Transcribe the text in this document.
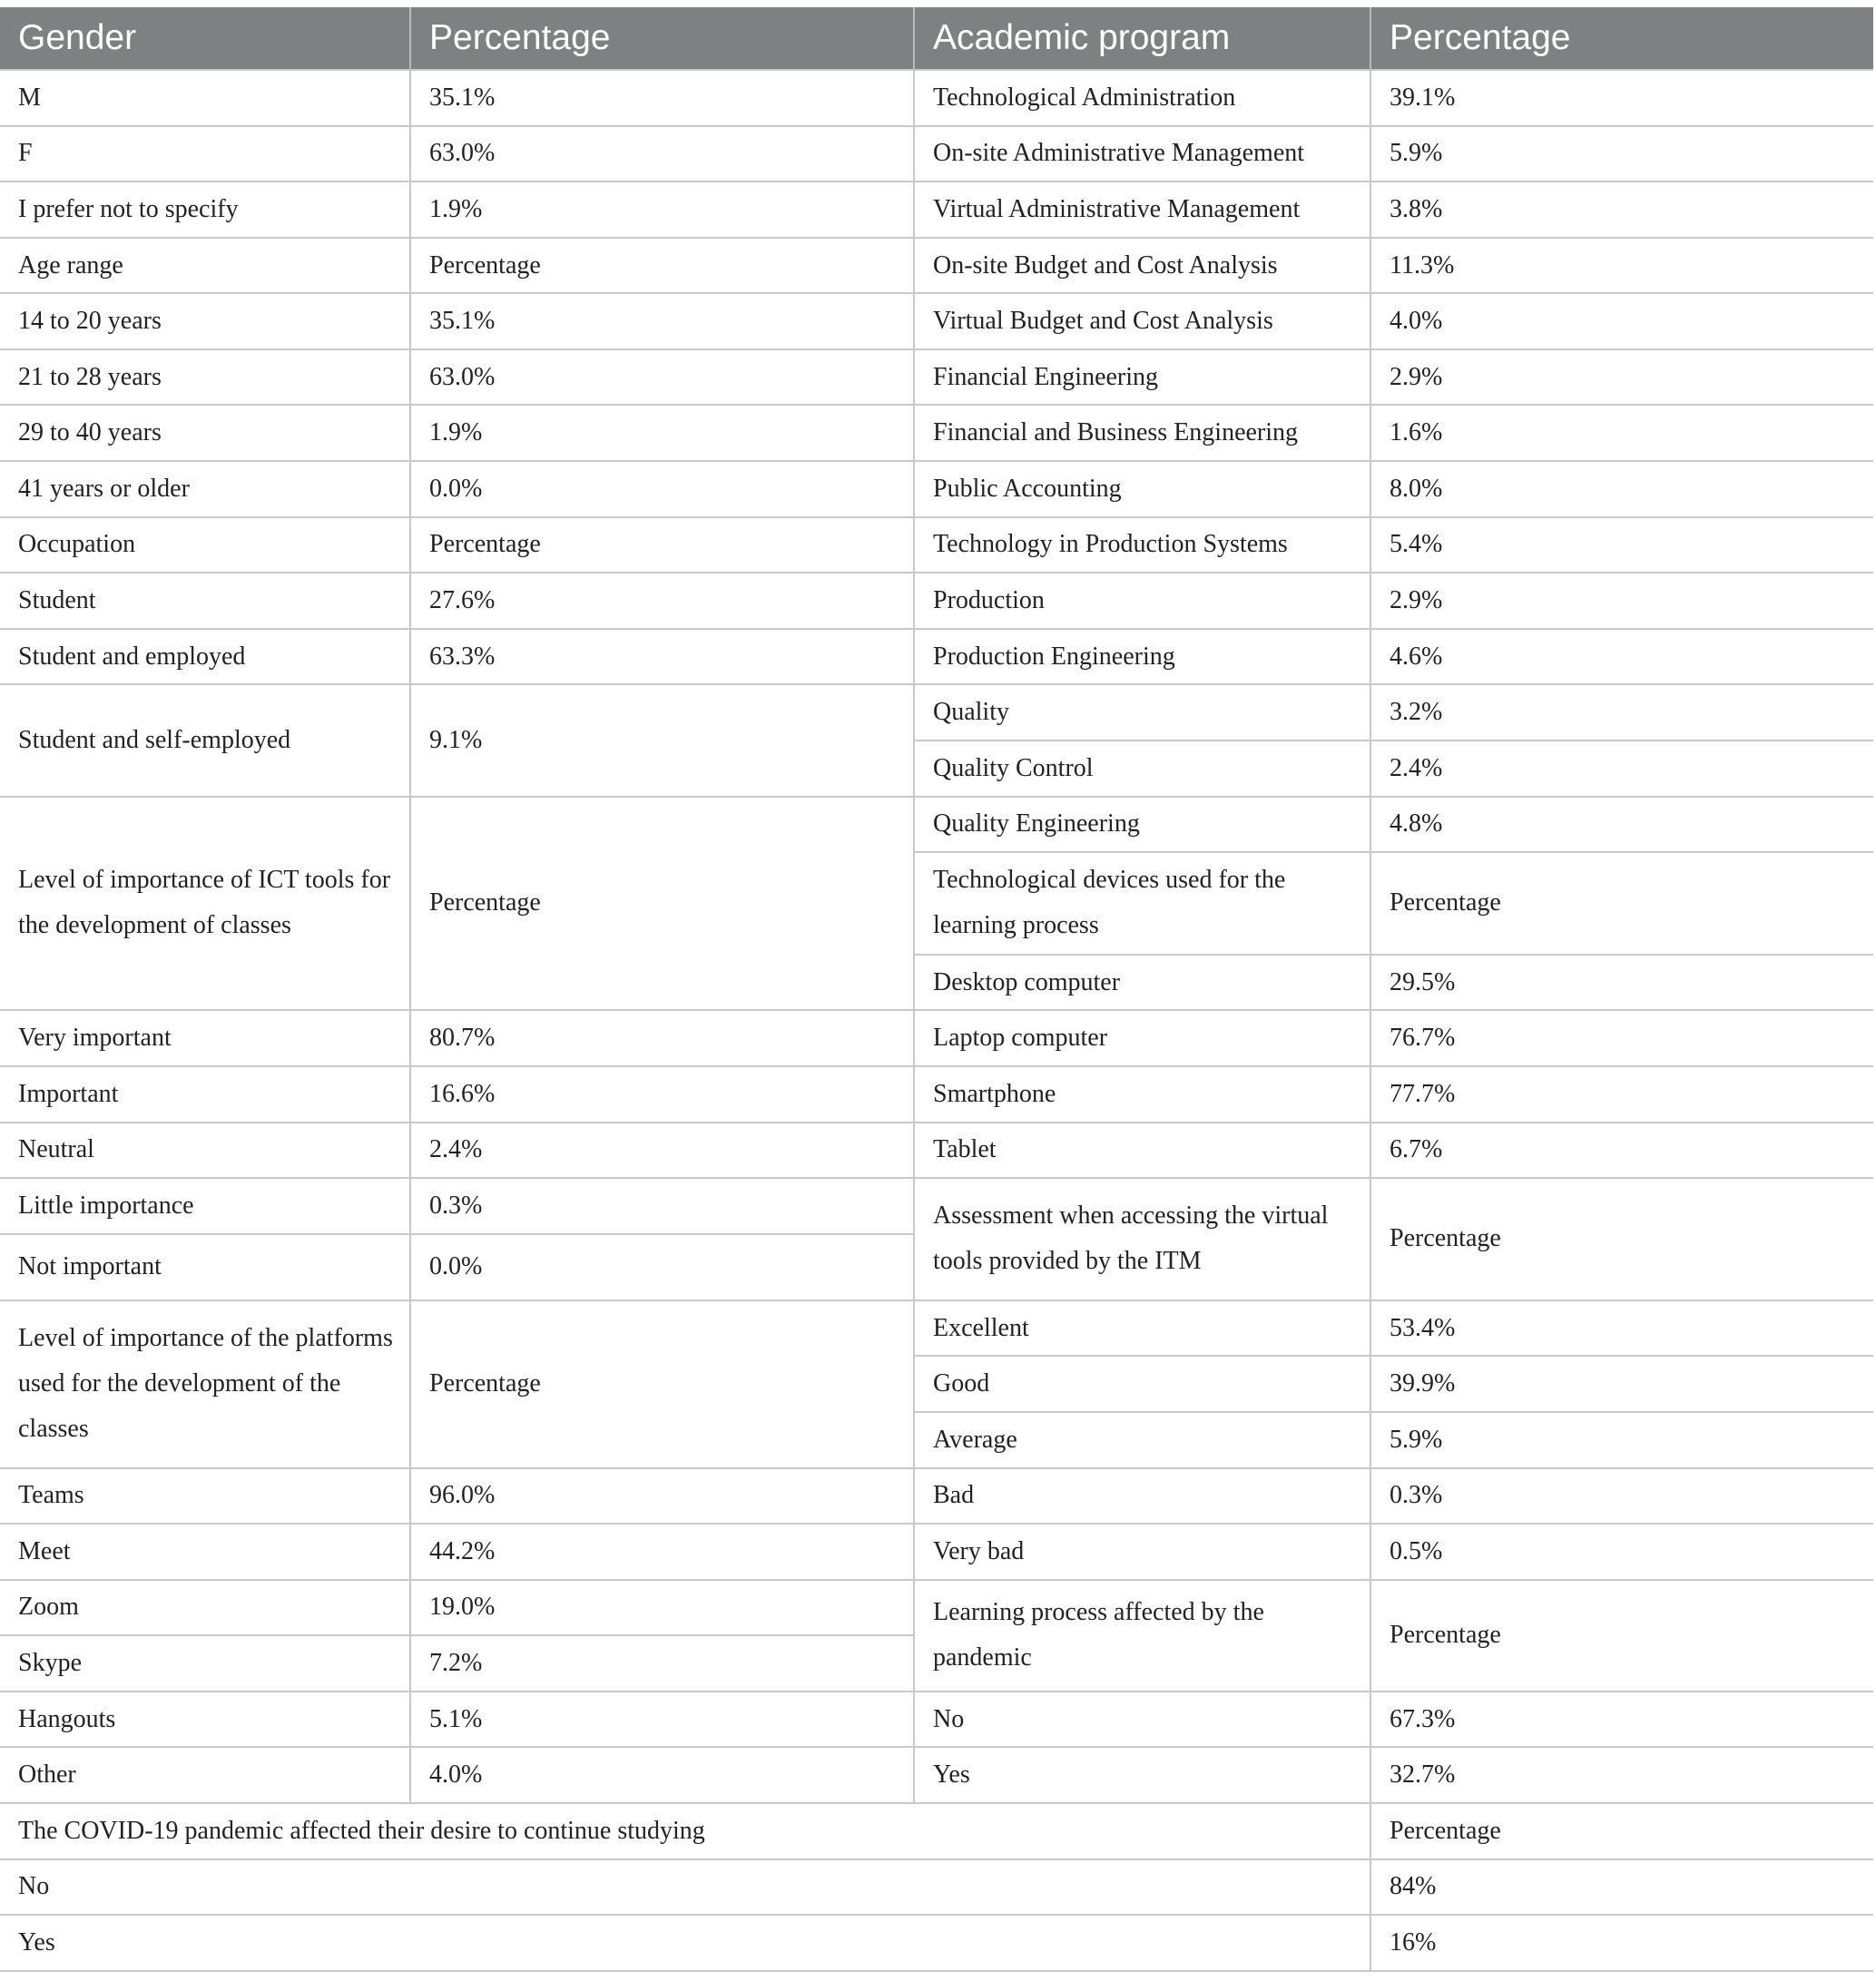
Gender	Percentage	Academic program	Percentage
M	35.1%	Technological Administration	39.1%
F	63.0%	On-site Administrative Management	5.9%
I prefer not to specify	1.9%	Virtual Administrative Management	3.8%
Age range	Percentage	On-site Budget and Cost Analysis	11.3%
14 to 20 years	35.1%	Virtual Budget and Cost Analysis	4.0%
21 to 28 years	63.0%	Financial Engineering	2.9%
29 to 40 years	1.9%	Financial and Business Engineering	1.6%
41 years or older	0.0%	Public Accounting	8.0%
Occupation	Percentage	Technology in Production Systems	5.4%
Student	27.6%	Production	2.9%
Student and employed	63.3%	Production Engineering	4.6%
Student and self-employed	9.1%	Quality	3.2%
		Quality Control	2.4%
Level of importance of ICT tools for the development of classes	Percentage	Quality Engineering	4.8%
		Technological devices used for the learning process	Percentage
		Desktop computer	29.5%
Very important	80.7%	Laptop computer	76.7%
Important	16.6%	Smartphone	77.7%
Neutral	2.4%	Tablet	6.7%
Little importance	0.3%	Assessment when accessing the virtual tools provided by the ITM	Percentage
Not important	0.0%		
Level of importance of the platforms used for the development of the classes	Percentage	Excellent	53.4%
		Good	39.9%
		Average	5.9%
Teams	96.0%	Bad	0.3%
Meet	44.2%	Very bad	0.5%
Zoom	19.0%	Learning process affected by the pandemic	Percentage
Skype	7.2%		
Hangouts	5.1%	No	67.3%
Other	4.0%	Yes	32.7%
The COVID-19 pandemic affected their desire to continue studying			Percentage
No			84%
Yes			16%
